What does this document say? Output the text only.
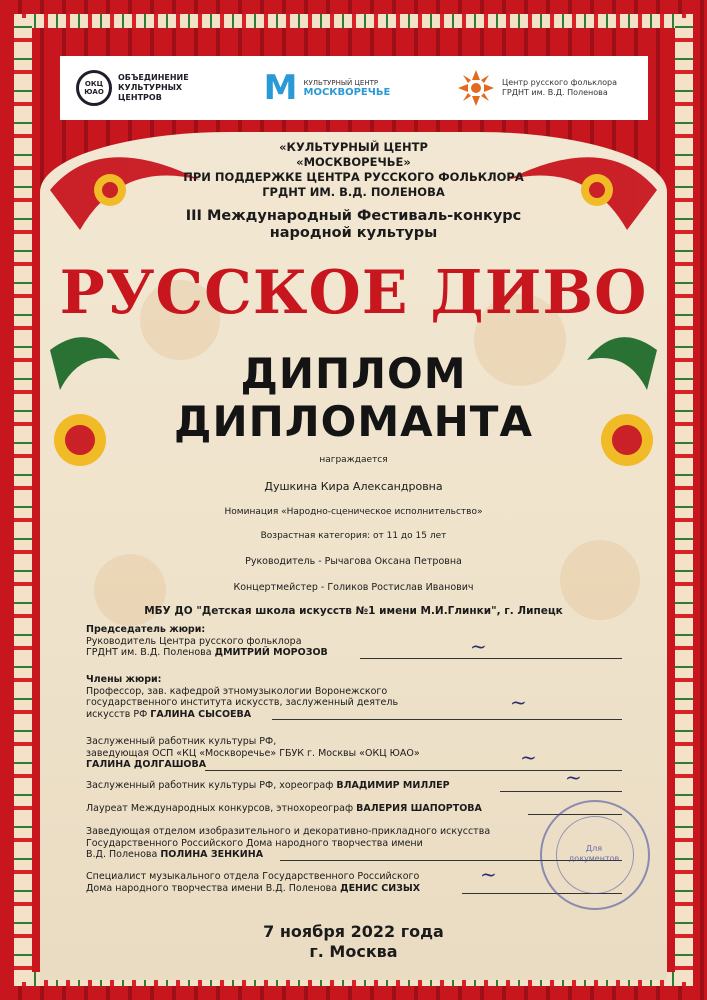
ОКЦ
ЮАО
ОБЪЕДИНЕНИЕ КУЛЬТУРНЫХ ЦЕНТРОВ	M КУЛЬТУРНЫЙ ЦЕНТР
МОСКВОРЕЧЬЕ
Центр русского фольклора ГРДНТ им. В.Д. Поленова
«КУЛЬТУРНЫЙ ЦЕНТР
«МОСКВОРЕЧЬЕ»
ПРИ ПОДДЕРЖКЕ ЦЕНТРА РУССКОГО ФОЛЬКЛОРА
ГРДНТ ИМ. В.Д. ПОЛЕНОВА
III Международный Фестиваль-конкурс
народной культуры
РУССКОЕ ДИВО
ДИПЛОМ
ДИПЛОМАНТА
награждается
Душкина Кира Александровна
Номинация «Народно-сценическое исполнительство»
Возрастная категория: от 11 до 15 лет
Руководитель - Рычагова Оксана Петровна
Концертмейстер - Голиков Ростислав Иванович
МБУ ДО "Детская школа искусств №1 имени М.И.Глинки", г. Липецк
Председатель жюри:
Руководитель Центра русского фольклора
ГРДНТ им. В.Д. Поленова ДМИТРИЙ МОРОЗОВ	~
Члены жюри:
Профессор, зав. кафедрой этномузыкологии Воронежского
государственного института искусств, заслуженный деятель
искусств РФ ГАЛИНА СЫСОЕВА	~
Заслуженный работник культуры РФ,
заведующая ОСП «КЦ «Москворечье» ГБУК г. Москвы «ОКЦ ЮАО»
ГАЛИНА ДОЛГАШОВА	~
Заслуженный работник культуры РФ, хореограф ВЛАДИМИР МИЛЛЕР	~
Лауреат Международных конкурсов, этнохореограф ВАЛЕРИЯ ШАПОРТОВА
Заведующая отделом изобразительного и декоративно-прикладного искусства
Государственного Российского Дома народного творчества имени
В.Д. Поленова ПОЛИНА ЗЕНКИНА
Специалист музыкального отдела Государственного Российского
Дома народного творчества имени В.Д. Поленова ДЕНИС СИЗЫХ
~
Для документов
7 ноября 2022 года
г. Москва
